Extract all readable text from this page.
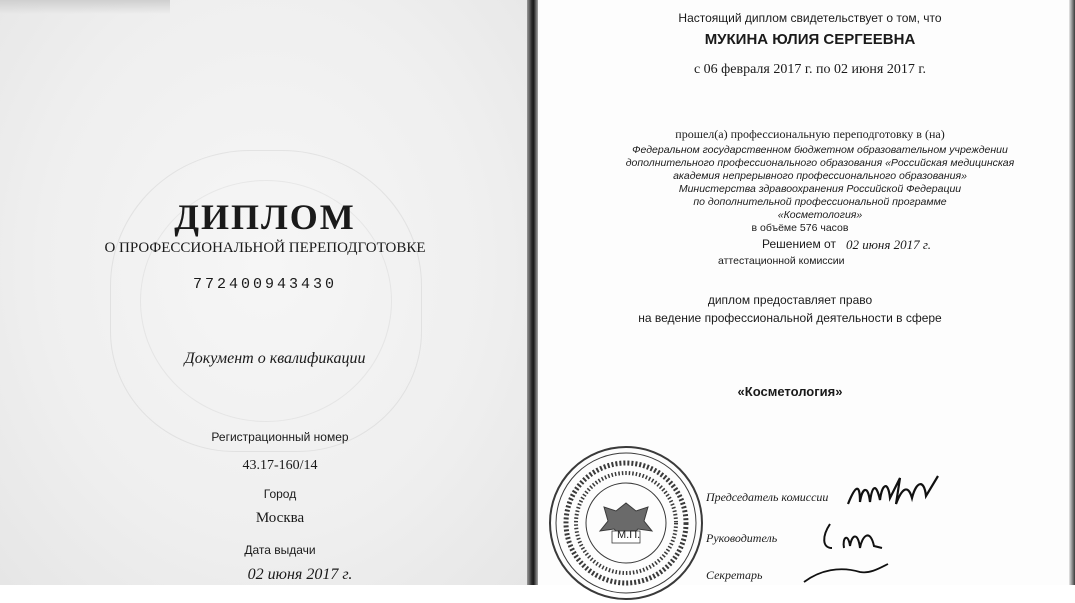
ДИПЛОМ
О ПРОФЕССИОНАЛЬНОЙ ПЕРЕПОДГОТОВКЕ
772400943430
Документ о квалификации
Регистрационный номер
43.17-160/14
Город
Москва
Дата выдачи
02 июня 2017 г.
Настоящий диплом свидетельствует о том, что
МУКИНА ЮЛИЯ СЕРГЕЕВНА
с 06 февраля 2017 г. по 02 июня 2017 г.
прошел(а) профессиональную переподготовку в (на)
Федеральном государственном бюджетном образовательном учреждении
дополнительного профессионального образования «Российская медицинская
академия непрерывного профессионального образования»
Министерства здравоохранения Российской Федерации
по дополнительной профессиональной программе
«Косметология»
в объёме 576 часов
Решением от 02 июня 2017 г.
аттестационной комиссии
диплом предоставляет право
на ведение профессиональной деятельности в сфере
«Косметология»
М.П.
Председатель комиссии
Руководитель
Секретарь
